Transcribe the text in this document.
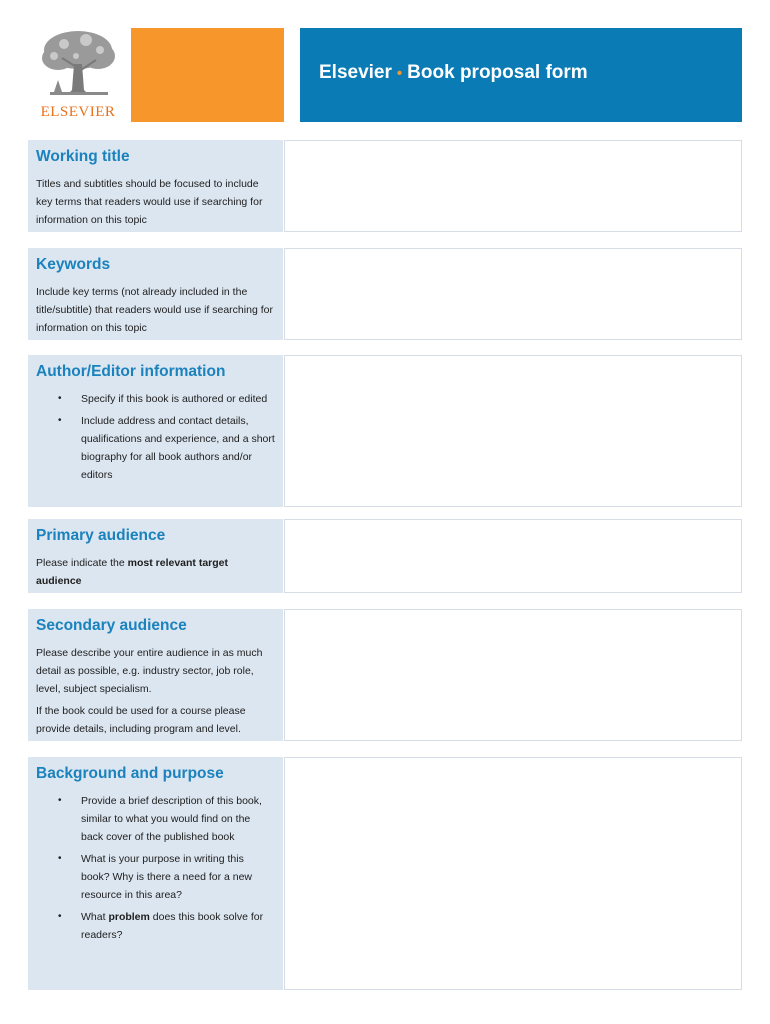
ELSEVIER
Elsevier • Book proposal form
Working title

Titles and subtitles should be focused to include key terms that readers would use if searching for information on this topic

Keywords

Include key terms (not already included in the title/subtitle) that readers would use if searching for information on this topic

Author/Editor information
• Specify if this book is authored or edited
• Include address and contact details, qualifications and experience, and a short biography for all book authors and/or editors
Primary audience

Please indicate the most relevant target audience

Secondary audience

Please describe your entire audience in as much detail as possible, e.g. industry sector, job role, level, subject specialism.

If the book could be used for a course please provide details, including program and level.

Background and purpose
• Provide a brief description of this book, similar to what you would find on the back cover of the published book
• What is your purpose in writing this book? Why is there a need for a new resource in this area?
• What problem does this book solve for readers?
